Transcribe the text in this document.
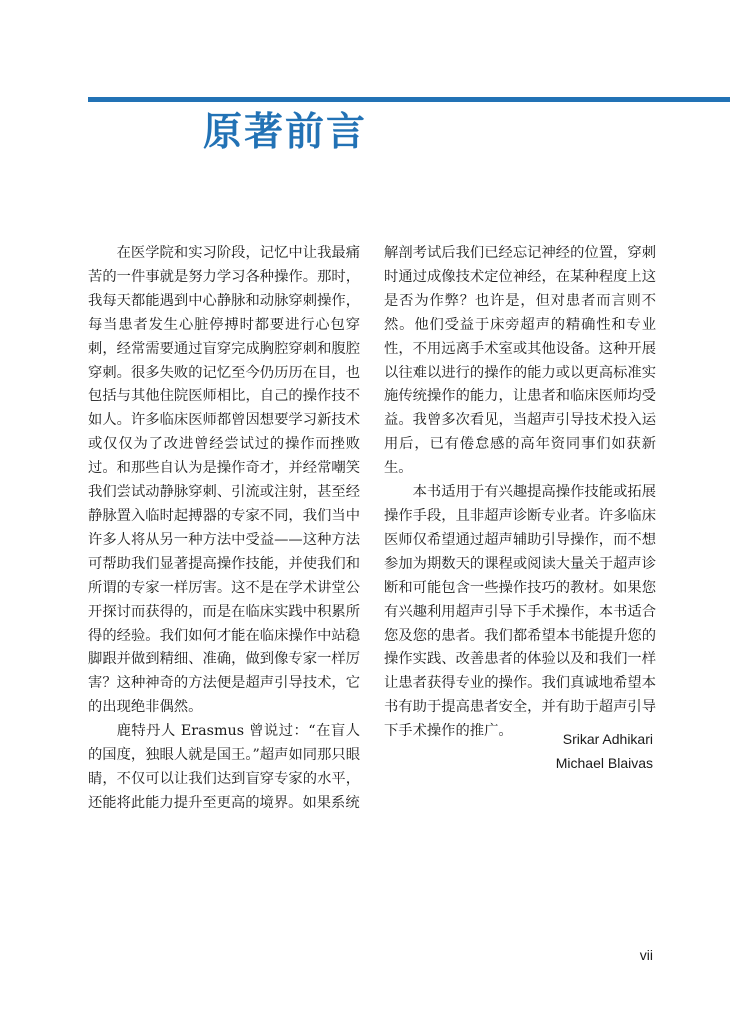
原著前言

在医学院和实习阶段，记忆中让我最痛苦的一件事就是努力学习各种操作。那时，我每天都能遇到中心静脉和动脉穿刺操作，每当患者发生心脏停搏时都要进行心包穿刺，经常需要通过盲穿完成胸腔穿刺和腹腔穿刺。很多失败的记忆至今仍历历在目，也包括与其他住院医师相比，自己的操作技不如人。许多临床医师都曾因想要学习新技术或仅仅为了改进曾经尝试过的操作而挫败过。和那些自认为是操作奇才，并经常嘲笑我们尝试动静脉穿刺、引流或注射，甚至经静脉置入临时起搏器的专家不同，我们当中许多人将从另一种方法中受益——这种方法可帮助我们显著提高操作技能，并使我们和所谓的专家一样厉害。这不是在学术讲堂公开探讨而获得的，而是在临床实践中积累所得的经验。我们如何才能在临床操作中站稳脚跟并做到精细、准确，做到像专家一样厉害？这种神奇的方法便是超声引导技术，它的出现绝非偶然。

鹿特丹人 Erasmus 曾说过：“在盲人的国度，独眼人就是国王。”超声如同那只眼睛，不仅可以让我们达到盲穿专家的水平，还能将此能力提升至更高的境界。如果系统

解剖考试后我们已经忘记神经的位置，穿刺时通过成像技术定位神经，在某种程度上这是否为作弊？也许是，但对患者而言则不然。他们受益于床旁超声的精确性和专业性，不用远离手术室或其他设备。这种开展以往难以进行的操作的能力或以更高标准实施传统操作的能力，让患者和临床医师均受益。我曾多次看见，当超声引导技术投入运用后，已有倦怠感的高年资同事们如获新生。

本书适用于有兴趣提高操作技能或拓展操作手段，且非超声诊断专业者。许多临床医师仅希望通过超声辅助引导操作，而不想参加为期数天的课程或阅读大量关于超声诊断和可能包含一些操作技巧的教材。如果您有兴趣利用超声引导下手术操作，本书适合您及您的患者。我们都希望本书能提升您的操作实践、改善患者的体验以及和我们一样让患者获得专业的操作。我们真诚地希望本书有助于提高患者安全，并有助于超声引导下手术操作的推广。	Srikar Adhikari
Michael Blaivas
vii
